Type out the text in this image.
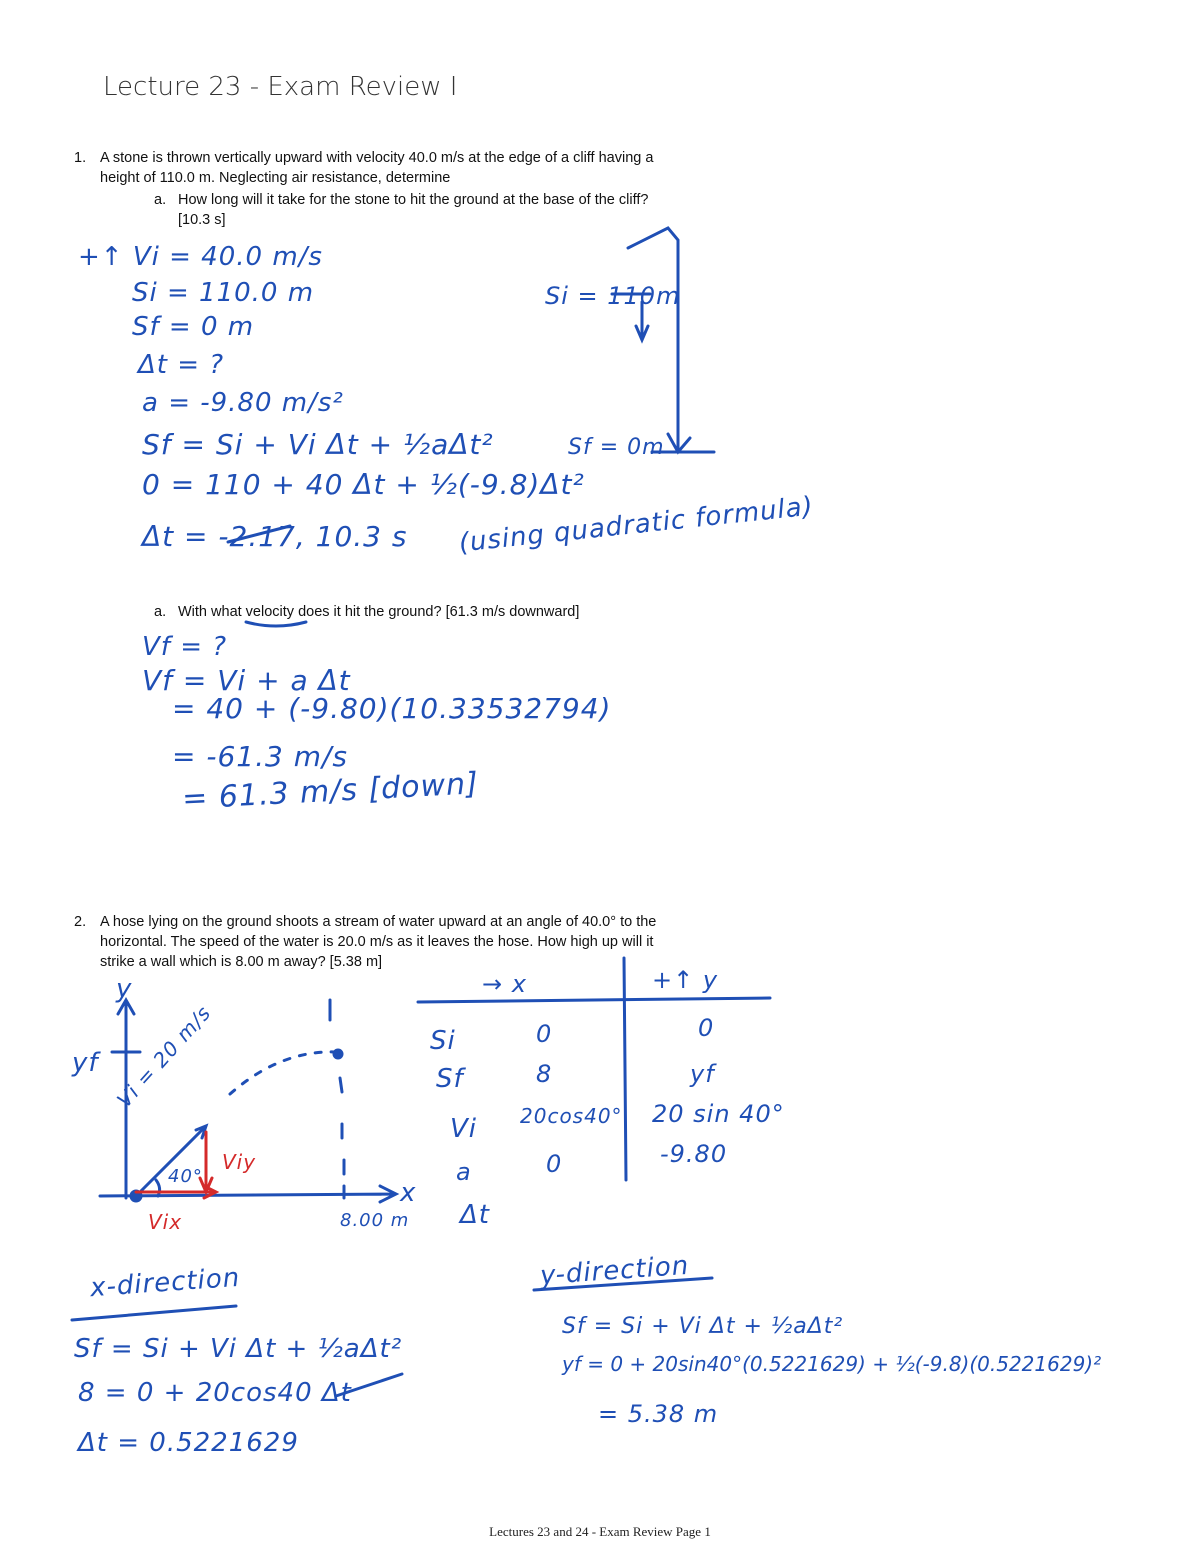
Lecture 23 - Exam Review I
1. A stone is thrown vertically upward with velocity 40.0 m/s at the edge of a cliff having a
height of 110.0 m. Neglecting air resistance, determine
a. How long will it take for the stone to hit the ground at the base of the cliff?
[10.3 s]
+↑ Vi = 40.0 m/s
Si = 110.0 m
Sf = 0 m
Δt = ?
a = -9.80 m/s²
Sf = Si + Vi Δt + ½aΔt²
0 = 110 + 40 Δt + ½(-9.8)Δt²
Δt = -2.17, 10.3 s (using quadratic formula)
Si = 110m
Sf = 0m
a. With what velocity does it hit the ground? [61.3 m/s downward]
Vf = ?
Vf = Vi + a Δt
= 40 + (-9.80)(10.33532794)
= -61.3 m/s
= 61.3 m/s [down]
2. A hose lying on the ground shoots a stream of water upward at an angle of 40.0° to the
horizontal. The speed of the water is 20.0 m/s as it leaves the hose. How high up will it
strike a wall which is 8.00 m away? [5.38 m]
y
x
yf Vi = 20 m/s
40°
Viy
Vix	8.00 m
→ x	+↑ y
Si	0	0
Sf	8	yf
Vi 20cos40° 20 sin 40°
a	0	-9.80
Δt
x-direction
Sf = Si + Vi Δt + ½aΔt²
8 = 0 + 20cos40 Δt
Δt = 0.5221629
y-direction
Sf = Si + Vi Δt + ½aΔt²
yf = 0 + 20sin40°(0.5221629) + ½(-9.8)(0.5221629)²
= 5.38 m
Lectures 23 and 24 - Exam Review Page 1
